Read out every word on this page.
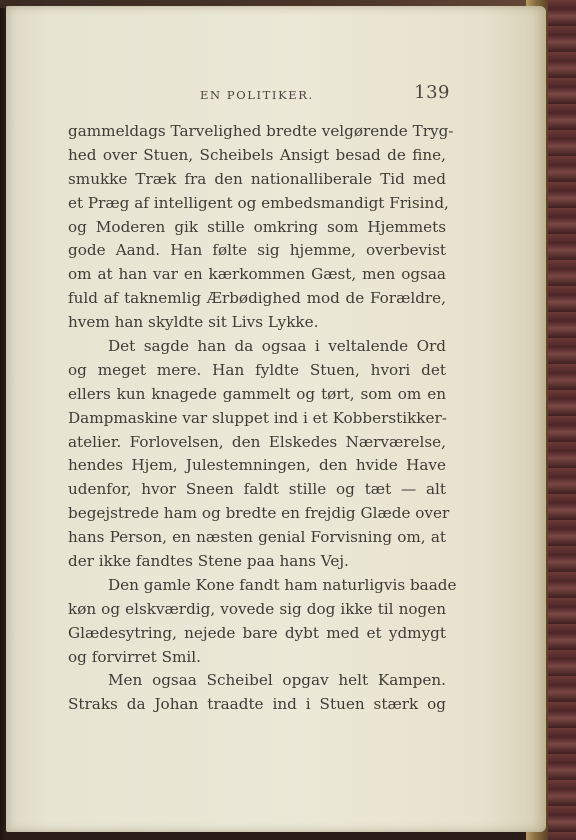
EN POLITIKER.	139
gammeldags Tarvelighed bredte velgørende Tryg-
hed over Stuen, Scheibels Ansigt besad de fine,
smukke Træk fra den nationalliberale Tid med
et Præg af intelligent og embedsmandigt Frisind,
og Moderen gik stille omkring som Hjemmets
gode Aand. Han følte sig hjemme, overbevist
om at han var en kærkommen Gæst, men ogsaa
fuld af taknemlig Ærbødighed mod de Forældre,
hvem han skyldte sit Livs Lykke.
Det sagde han da ogsaa i veltalende Ord
og meget mere. Han fyldte Stuen, hvori det
ellers kun knagede gammelt og tørt, som om en
Dampmaskine var sluppet ind i et Kobberstikker-
atelier. Forlovelsen, den Elskedes Nærværelse,
hendes Hjem, Julestemningen, den hvide Have
udenfor, hvor Sneen faldt stille og tæt — alt
begejstrede ham og bredte en frejdig Glæde over
hans Person, en næsten genial Forvisning om, at
der ikke fandtes Stene paa hans Vej.
Den gamle Kone fandt ham naturligvis baade
køn og elskværdig, vovede sig dog ikke til nogen
Glædesytring, nejede bare dybt med et ydmygt
og forvirret Smil.
Men ogsaa Scheibel opgav helt Kampen.
Straks da Johan traadte ind i Stuen stærk og
